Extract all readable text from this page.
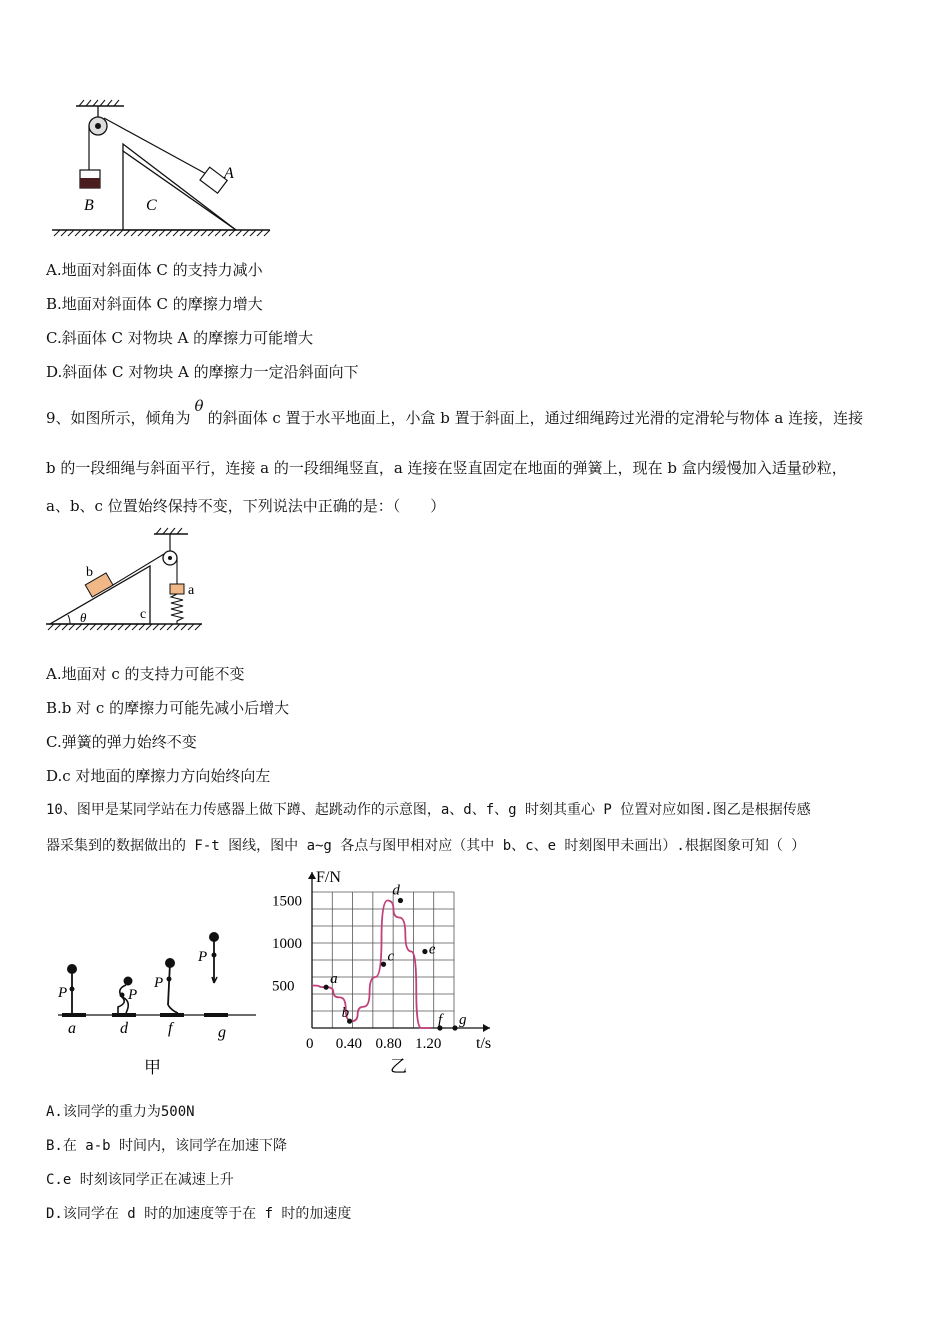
A
B	C
A.地面对斜面体 C 的支持力减小
B.地面对斜面体 C 的摩擦力增大
C.斜面体 C 对物块 A 的摩擦力可能增大
D.斜面体 C 对物块 A 的摩擦力一定沿斜面向下
9、如图所示，倾角为θ的斜面体 c 置于水平地面上，小盒 b 置于斜面上，通过细绳跨过光滑的定滑轮与物体 a 连接，连接
b 的一段细绳与斜面平行，连接 a 的一段细绳竖直，a 连接在竖直固定在地面的弹簧上，现在 b 盒内缓慢加入适量砂粒，
a、b、c 位置始终保持不变，下列说法中正确的是：（　　）
b
c
a
θ
A.地面对 c 的支持力可能不变
B.b 对 c 的摩擦力可能先减小后增大
C.弹簧的弹力始终不变
D.c 对地面的摩擦力方向始终向左
10、图甲是某同学站在力传感器上做下蹲、起跳动作的示意图，a、d、f、g 时刻其重心 P 位置对应如图.图乙是根据传感
器采集到的数据做出的 F-t 图线，图中 a~g 各点与图甲相对应（其中 b、c、e 时刻图甲未画出）.根据图象可知（ ）
P	P
P
P
a	d	f	g
甲
0.40 0.80 1.20
500
1000
1500
a
b
c
d
e
f g
F/N
t/s
0
乙
A.该同学的重力为500N
B.在 a-b 时间内，该同学在加速下降
C.e 时刻该同学正在减速上升
D.该同学在 d 时的加速度等于在 f 时的加速度
